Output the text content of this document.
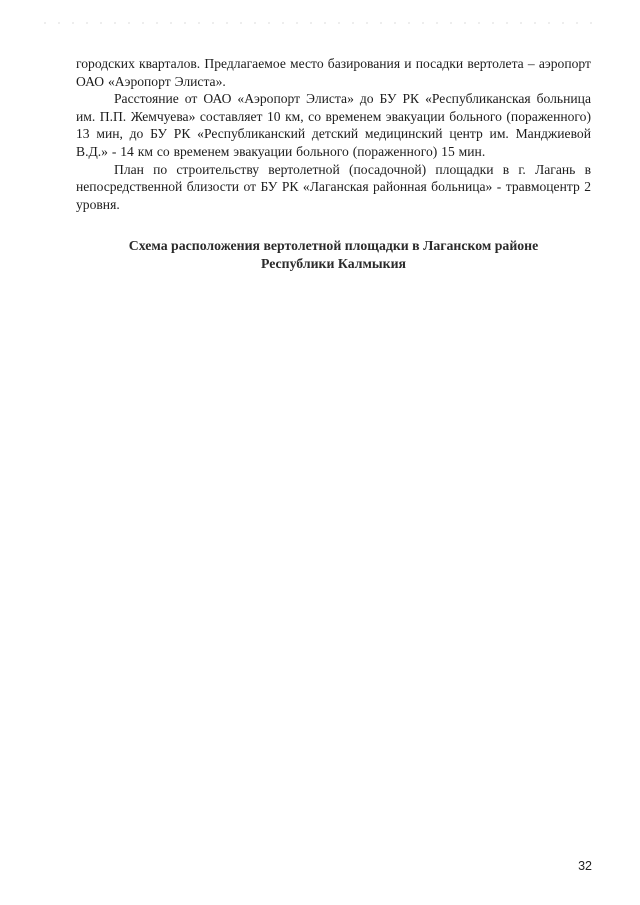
городских кварталов. Предлагаемое место базирования и посадки вертолета – аэропорт ОАО «Аэропорт Элиста».

Расстояние от ОАО «Аэропорт Элиста» до БУ РК «Республиканская больница им. П.П. Жемчуева» составляет 10 км, со временем эвакуации больного (пораженного) 13 мин, до БУ РК «Республиканский детский медицинский центр им. Манджиевой В.Д.» - 14 км со временем эвакуации больного (пораженного) 15 мин.

План по строительству вертолетной (посадочной) площадки в г. Лагань в непосредственной близости от БУ РК «Лаганская районная больница» - травмоцентр 2 уровня.

Схема расположения вертолетной площадки в Лаганском районе
Республики Калмыкия
32
